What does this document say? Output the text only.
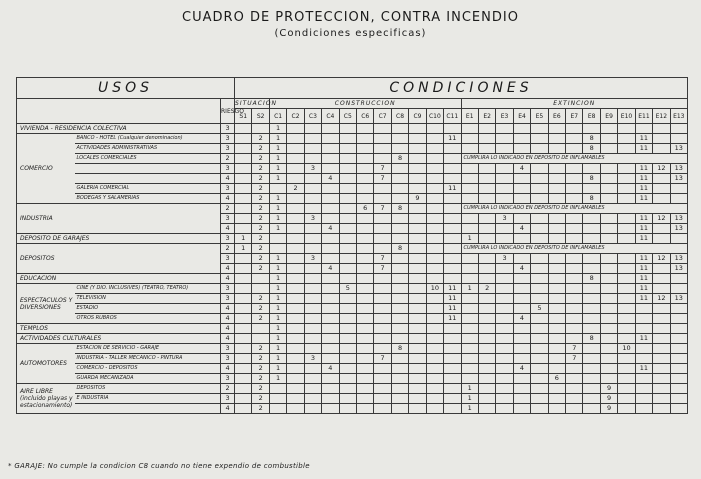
CUADRO DE PROTECCION, CONTRA INCENDIO
(Condiciones especificas)
USOS			CONDICIONES																									
		RIESGO	SITUACION		CONSTRUCCION											EXTINCION												
			S1	S2	C1	C2	C3	C4	C5	C6	C7	C8	C9	C10	C11	E1	E2	E3	E4	E5	E6	E7	E8	E9	E10	E11	E12	E13
VIVIENDA - RESIDENCIA COLECTIVA		3			1																							
COMERCIO	BANCO - HOTEL (Cualquier denominacion)	3		2	1										11								8			11		
	ACTIVIDADES ADMINISTRATIVAS	3		2	1																		8			11		13
	LOCALES COMERCIALES	2		2	1							8				CUMPLIRA LO INDICADO EN DEPOSITO DE INFLAMABLES												
		3		2	1		3				7								4							11	12	13
		4		2	1			4			7												8			11		13
	GALERIA COMERCIAL	3		2		2									11											11		
	BODEGAS Y SALAMERIAS	4		2	1								9										8			11		
INDUSTRIA		2		2	1					6	7	8				CUMPLIRA LO INDICADO EN DEPOSITO DE INFLAMABLES												
		3		2	1		3											3								11	12	13
		4		2	1			4											4							11		13
DEPOSITO DE GARAJES		3	1	2												1										11		
DEPOSITOS		2	1	2								8				CUMPLIRA LO INDICADO EN DEPOSITO DE INFLAMABLES												
		3		2	1		3				7							3								11	12	13
		4		2	1			4			7								4							11		13
EDUCACION		4			1																		8			11		
ESPECTACULOS Y DIVERSIONES	CINE (Y DIO. INCLUSIVES) (TEATRO, TEATRO)	3			1				5					10	11	1	2									11		
	TELEVISION	3		2	1										11											11	12	13
	ESTADIO	4		2	1										11					5								
	OTROS RUBROS	4		2	1										11				4									
TEMPLOS		4			1																							
ACTIVIDADES CULTURALES		4			1																		8			11		
AUTOMOTORES	ESTACION DE SERVICIO - GARAJE	3		2	1							8										7			10			
	INDUSTRIA - TALLER MECANICO - PINTURA	3		2	1		3				7											7						
	COMERCIO - DEPOSITOS	4		2	1			4											4							11		
	GUARDA MECANIZADA	3		2	1																6							
AIRE LIBRE (incluido playas y estacionamiento)	DEPOSITOS	2		2												1								9				
	E INDUSTRIA	3		2												1								9				
		4		2												1								9				
* GARAJE: No cumple la condicion C8 cuando no tiene expendio de combustible
